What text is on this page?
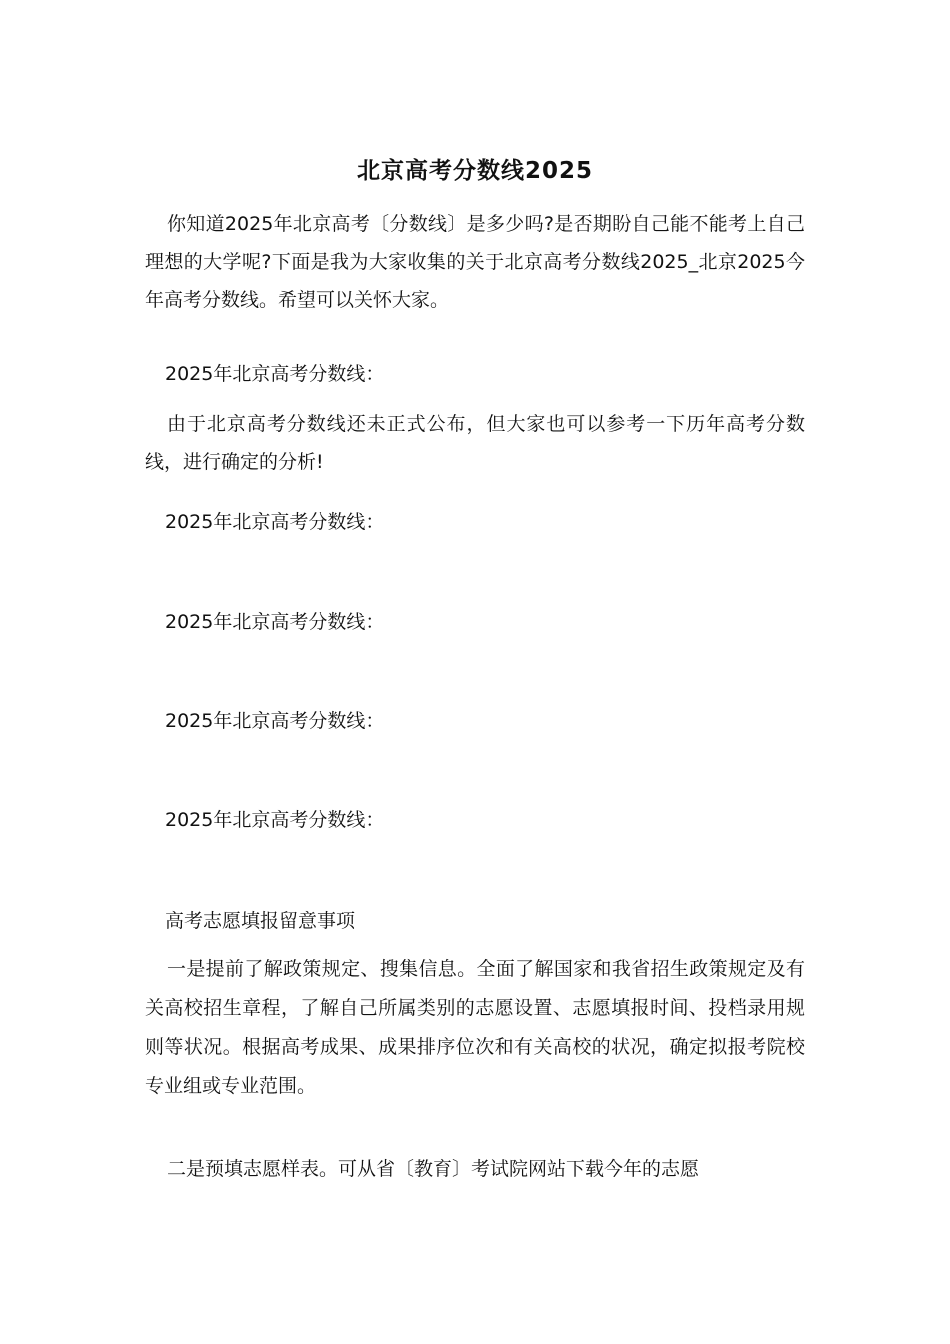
北京高考分数线2025

你知道2025年北京高考〔分数线〕是多少吗?是否期盼自己能不能考上自己理想的大学呢?下面是我为大家收集的关于北京高考分数线2025_北京2025今年高考分数线。希望可以关怀大家。

2025年北京高考分数线：

由于北京高考分数线还未正式公布，但大家也可以参考一下历年高考分数线，进行确定的分析!

2025年北京高考分数线：

2025年北京高考分数线：

2025年北京高考分数线：

2025年北京高考分数线：

高考志愿填报留意事项

一是提前了解政策规定、搜集信息。全面了解国家和我省招生政策规定及有关高校招生章程，了解自己所属类别的志愿设置、志愿填报时间、投档录用规则等状况。根据高考成果、成果排序位次和有关高校的状况，确定拟报考院校专业组或专业范围。

二是预填志愿样表。可从省〔教育〕考试院网站下载今年的志愿
